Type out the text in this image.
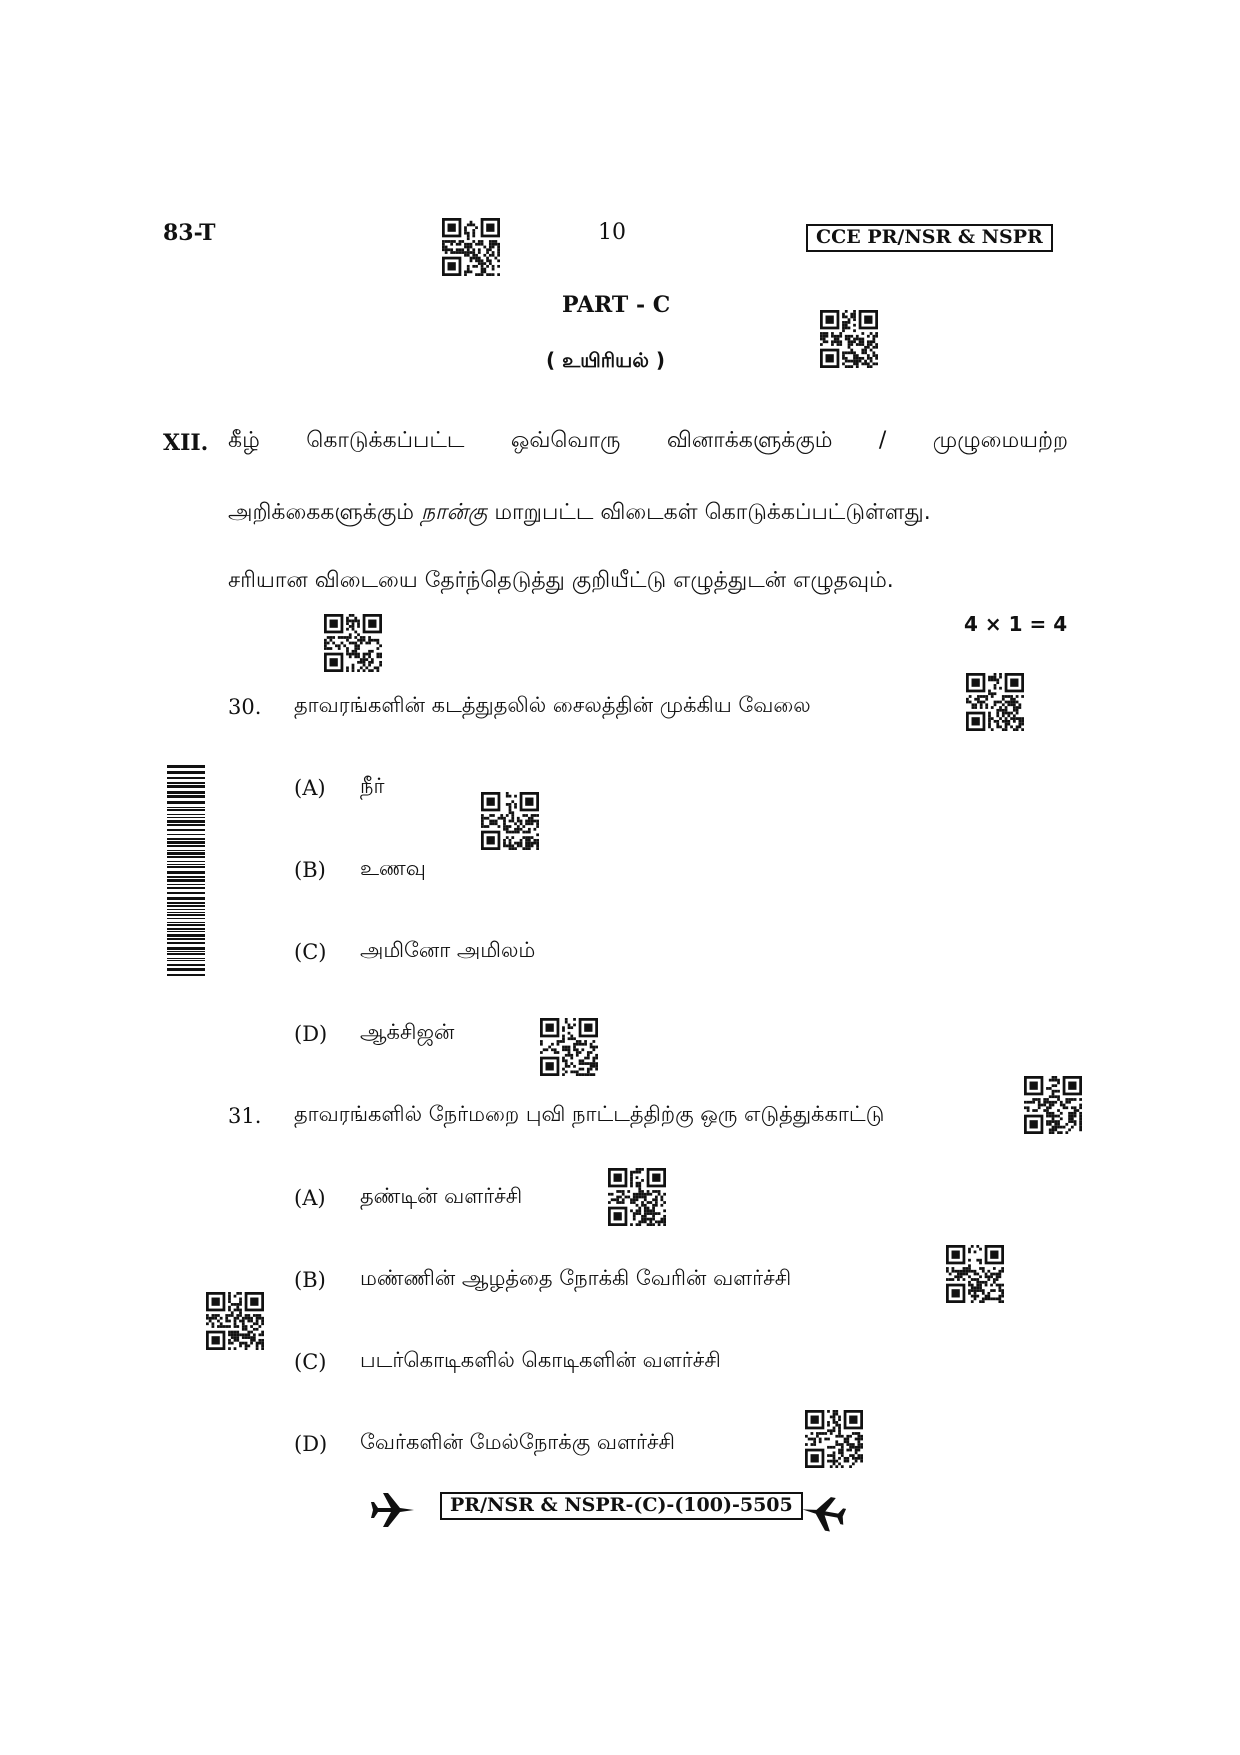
83-T	10	CCE PR/NSR & NSPR
PART - C
( உயிரியல் )
XII. கீழ் கொடுக்கப்பட்ட ஒவ்வொரு வினாக்களுக்கும் / முழுமையற்ற
அறிக்கைகளுக்கும் நான்கு மாறுபட்ட விடைகள் கொடுக்கப்பட்டுள்ளது.
சரியான விடையை தேர்ந்தெடுத்து குறியீட்டு எழுத்துடன் எழுதவும்.
4 × 1 = 4
30. தாவரங்களின் கடத்துதலில் சைலத்தின் முக்கிய வேலை
(A) நீர்
(B) உணவு
(C) அமினோ அமிலம்
(D) ஆக்சிஜன்
31. தாவரங்களில் நேர்மறை புவி நாட்டத்திற்கு ஒரு எடுத்துக்காட்டு
(A) தண்டின் வளர்ச்சி
(B) மண்ணின் ஆழத்தை நோக்கி வேரின் வளர்ச்சி
(C) படர்கொடிகளில் கொடிகளின் வளர்ச்சி
(D) வேர்களின் மேல்நோக்கு வளர்ச்சி
PR/NSR & NSPR-(C)-(100)-5505
